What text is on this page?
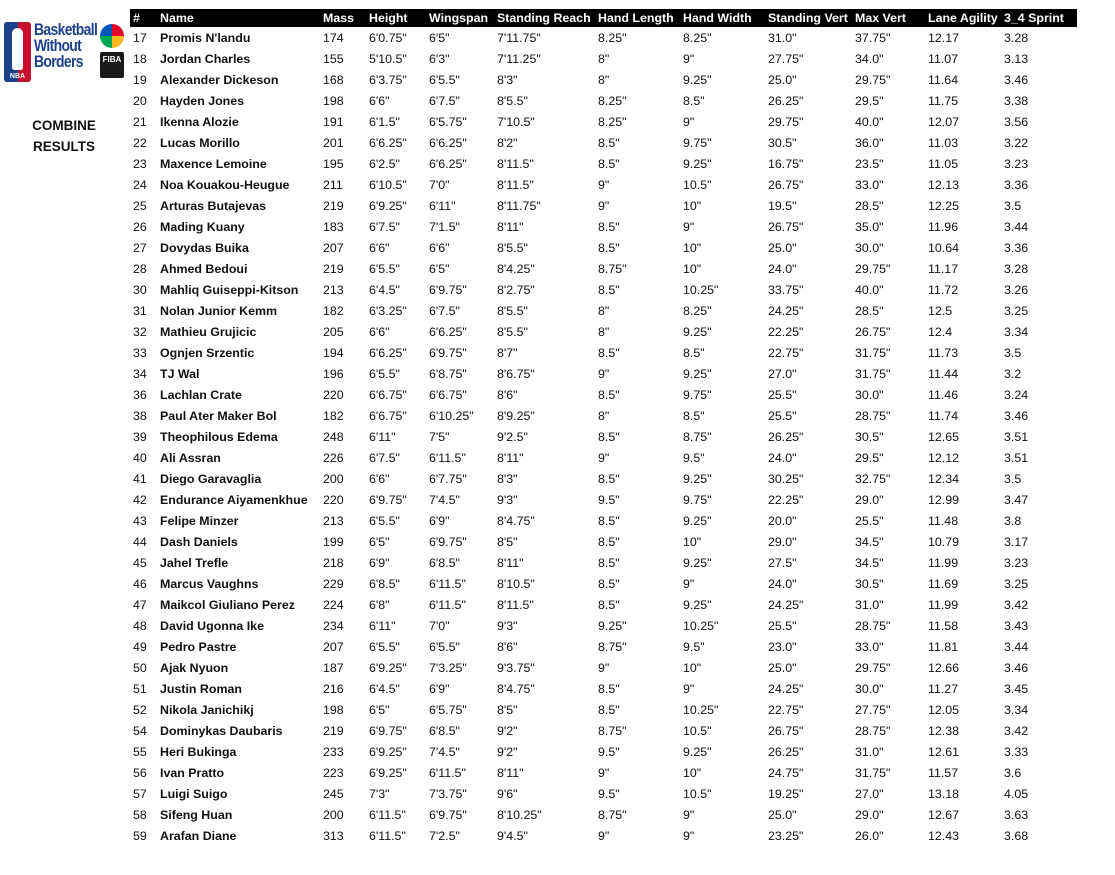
NBA
Basketball
Without
Borders	FIBA
COMBINE
RESULTS
#	Name	Mass	Height	Wingspan	Standing Reach	Hand Length	Hand Width	Standing Vert	Max Vert	Lane Agility	3_4 Sprint
17	Promis N'landu	174	6'0.75"	6'5"	7'11.75"	8.25"	8.25"	31.0"	37.75"	12.17	3.28
18	Jordan Charles	155	5'10.5"	6'3"	7'11.25"	8"	9"	27.75"	34.0"	11.07	3.13
19	Alexander Dickeson	168	6'3.75"	6'5.5"	8'3"	8"	9.25"	25.0"	29.75"	11.64	3.46
20	Hayden Jones	198	6'6"	6'7.5"	8'5.5"	8.25"	8.5"	26.25"	29.5"	11.75	3.38
21	Ikenna Alozie	191	6'1.5"	6'5.75"	7'10.5"	8.25"	9"	29.75"	40.0"	12.07	3.56
22	Lucas Morillo	201	6'6.25"	6'6.25"	8'2"	8.5"	9.75"	30.5"	36.0"	11.03	3.22
23	Maxence Lemoine	195	6'2.5"	6'6.25"	8'11.5"	8.5"	9.25"	16.75"	23.5"	11.05	3.23
24	Noa Kouakou-Heugue	211	6'10.5"	7'0"	8'11.5"	9"	10.5"	26.75"	33.0"	12.13	3.36
25	Arturas Butajevas	219	6'9.25"	6'11"	8'11.75"	9"	10"	19.5"	28.5"	12.25	3.5
26	Mading Kuany	183	6'7.5"	7'1.5"	8'11"	8.5"	9"	26.75"	35.0"	11.96	3.44
27	Dovydas Buika	207	6'6"	6'6"	8'5.5"	8.5"	10"	25.0"	30.0"	10.64	3.36
28	Ahmed Bedoui	219	6'5.5"	6'5"	8'4.25"	8.75"	10"	24.0"	29.75"	11.17	3.28
30	Mahliq Guiseppi-Kitson	213	6'4.5"	6'9.75"	8'2.75"	8.5"	10.25"	33.75"	40.0"	11.72	3.26
31	Nolan Junior Kemm	182	6'3.25"	6'7.5"	8'5.5"	8"	8.25"	24.25"	28.5"	12.5	3.25
32	Mathieu Grujicic	205	6'6"	6'6.25"	8'5.5"	8"	9.25"	22.25"	26.75"	12.4	3.34
33	Ognjen Srzentic	194	6'6.25"	6'9.75"	8'7"	8.5"	8.5"	22.75"	31.75"	11.73	3.5
34	TJ Wal	196	6'5.5"	6'8.75"	8'6.75"	9"	9.25"	27.0"	31.75"	11.44	3.2
36	Lachlan Crate	220	6'6.75"	6'6.75"	8'6"	8.5"	9.75"	25.5"	30.0"	11.46	3.24
38	Paul Ater Maker Bol	182	6'6.75"	6'10.25"	8'9.25"	8"	8.5"	25.5"	28.75"	11.74	3.46
39	Theophilous Edema	248	6'11"	7'5"	9'2.5"	8.5"	8.75"	26.25"	30.5"	12.65	3.51
40	Ali Assran	226	6'7.5"	6'11.5"	8'11"	9"	9.5"	24.0"	29.5"	12.12	3.51
41	Diego Garavaglia	200	6'6"	6'7.75"	8'3"	8.5"	9.25"	30.25"	32.75"	12.34	3.5
42	Endurance Aiyamenkhue	220	6'9.75"	7'4.5"	9'3"	9.5"	9.75"	22.25"	29.0"	12.99	3.47
43	Felipe Minzer	213	6'5.5"	6'9"	8'4.75"	8.5"	9.25"	20.0"	25.5"	11.48	3.8
44	Dash Daniels	199	6'5"	6'9.75"	8'5"	8.5"	10"	29.0"	34.5"	10.79	3.17
45	Jahel Trefle	218	6'9"	6'8.5"	8'11"	8.5"	9.25"	27.5"	34.5"	11.99	3.23
46	Marcus Vaughns	229	6'8.5"	6'11.5"	8'10.5"	8.5"	9"	24.0"	30.5"	11.69	3.25
47	Maikcol Giuliano Perez	224	6'8"	6'11.5"	8'11.5"	8.5"	9.25"	24.25"	31.0"	11.99	3.42
48	David Ugonna Ike	234	6'11"	7'0"	9'3"	9.25"	10.25"	25.5"	28.75"	11.58	3.43
49	Pedro Pastre	207	6'5.5"	6'5.5"	8'6"	8.75"	9.5"	23.0"	33.0"	11.81	3.44
50	Ajak Nyuon	187	6'9.25"	7'3.25"	9'3.75"	9"	10"	25.0"	29.75"	12.66	3.46
51	Justin Roman	216	6'4.5"	6'9"	8'4.75"	8.5"	9"	24.25"	30.0"	11.27	3.45
52	Nikola Janichikj	198	6'5"	6'5.75"	8'5"	8.5"	10.25"	22.75"	27.75"	12.05	3.34
54	Dominykas Daubaris	219	6'9.75"	6'8.5"	9'2"	8.75"	10.5"	26.75"	28.75"	12.38	3.42
55	Heri Bukinga	233	6'9.25"	7'4.5"	9'2"	9.5"	9.25"	26.25"	31.0"	12.61	3.33
56	Ivan Pratto	223	6'9.25"	6'11.5"	8'11"	9"	10"	24.75"	31.75"	11.57	3.6
57	Luigi Suigo	245	7'3"	7'3.75"	9'6"	9.5"	10.5"	19.25"	27.0"	13.18	4.05
58	Sifeng Huan	200	6'11.5"	6'9.75"	8'10.25"	8.75"	9"	25.0"	29.0"	12.67	3.63
59	Arafan Diane	313	6'11.5"	7'2.5"	9'4.5"	9"	9"	23.25"	26.0"	12.43	3.68
